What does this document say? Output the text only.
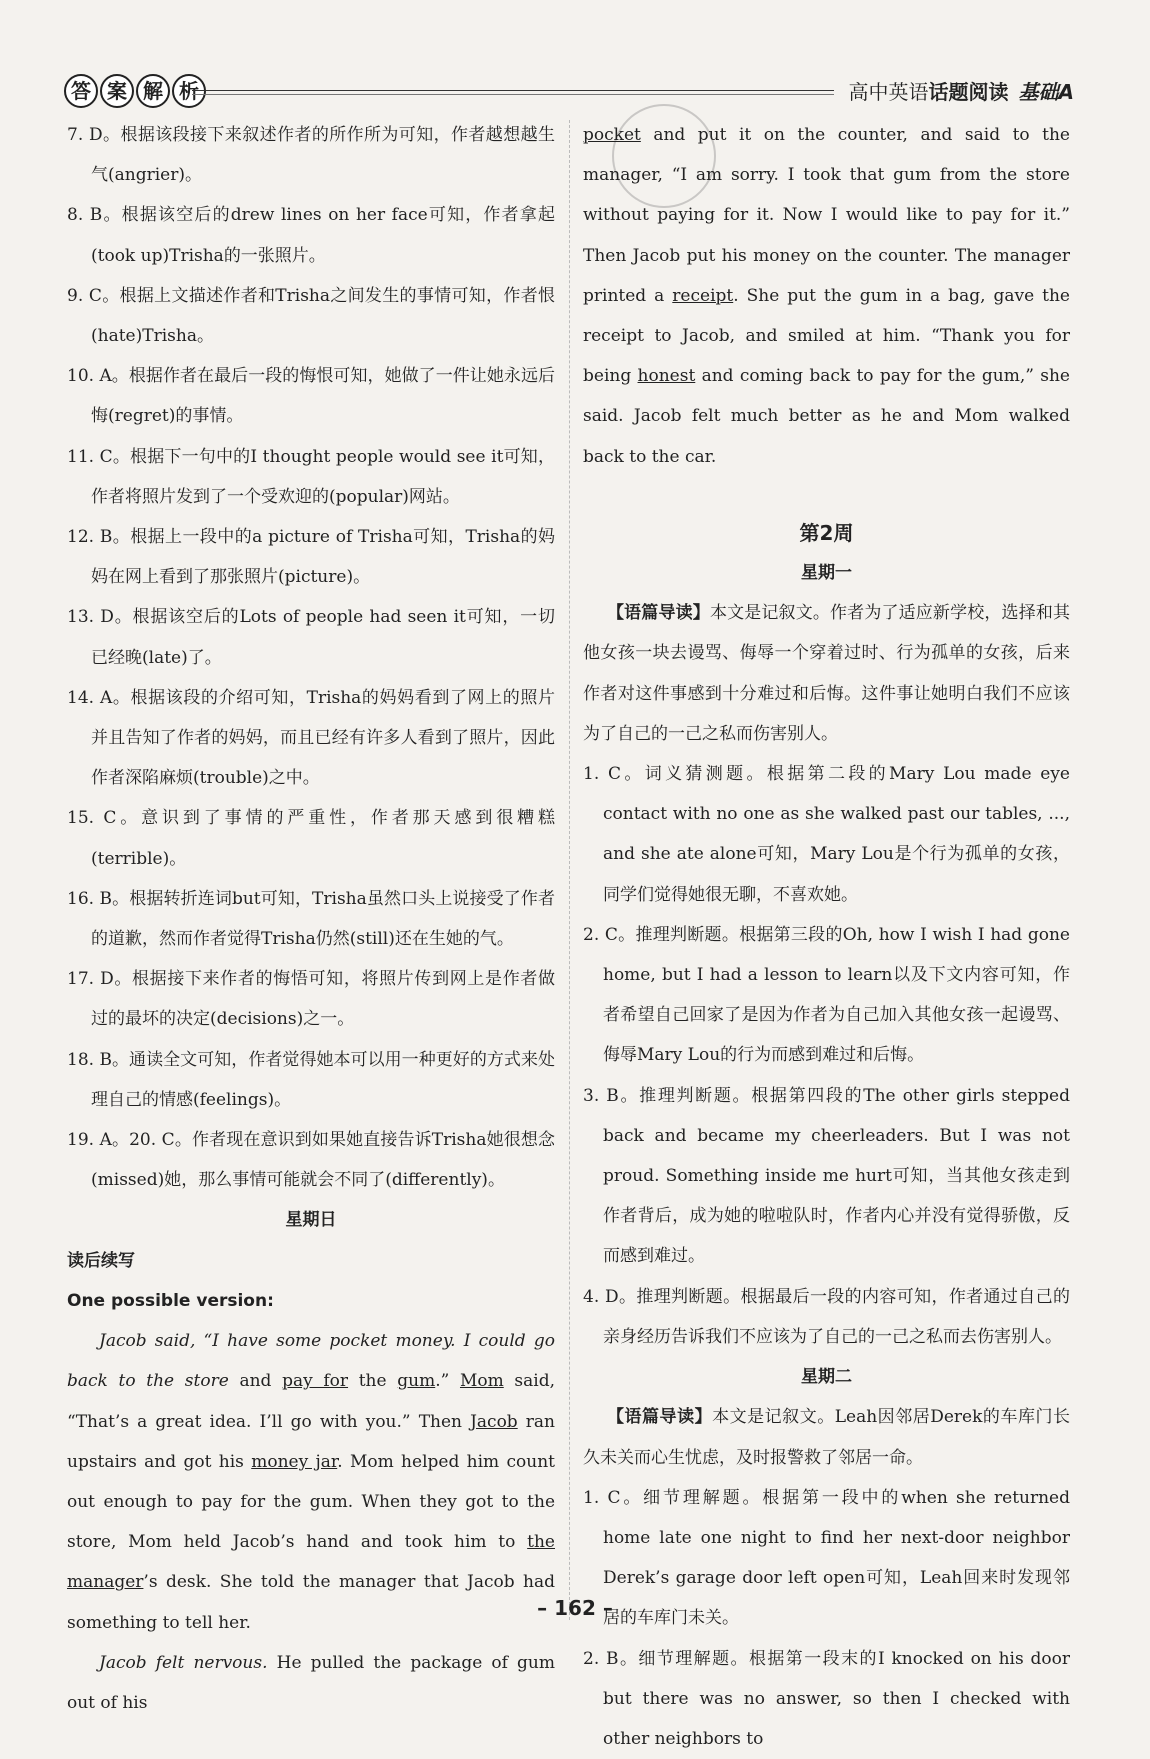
答 案 解 析	高中英语话题阅读 基础A

7. D。根据该段接下来叙述作者的所作所为可知，作者越想越生气(angrier)。

8. B。根据该空后的drew lines on her face可知，作者拿起(took up)Trisha的一张照片。

9. C。根据上文描述作者和Trisha之间发生的事情可知，作者恨(hate)Trisha。

10. A。根据作者在最后一段的悔恨可知，她做了一件让她永远后悔(regret)的事情。

11. C。根据下一句中的I thought people would see it可知，作者将照片发到了一个受欢迎的(popular)网站。

12. B。根据上一段中的a picture of Trisha可知，Trisha的妈妈在网上看到了那张照片(picture)。

13. D。根据该空后的Lots of people had seen it可知，一切已经晚(late)了。

14. A。根据该段的介绍可知，Trisha的妈妈看到了网上的照片并且告知了作者的妈妈，而且已经有许多人看到了照片，因此作者深陷麻烦(trouble)之中。

15. C。意识到了事情的严重性，作者那天感到很糟糕(terrible)。

16. B。根据转折连词but可知，Trisha虽然口头上说接受了作者的道歉，然而作者觉得Trisha仍然(still)还在生她的气。

17. D。根据接下来作者的悔悟可知，将照片传到网上是作者做过的最坏的决定(decisions)之一。

18. B。通读全文可知，作者觉得她本可以用一种更好的方式来处理自己的情感(feelings)。

19. A。20. C。作者现在意识到如果她直接告诉Trisha她很想念(missed)她，那么事情可能就会不同了(differently)。

星期日

读后续写

One possible version:

Jacob said, “I have some pocket money. I could go back to the store and pay for the gum.” Mom said, “That’s a great idea. I’ll go with you.” Then Jacob ran upstairs and got his money jar. Mom helped him count out enough to pay for the gum. When they got to the store, Mom held Jacob’s hand and took him to the manager’s desk. She told the manager that Jacob had something to tell her.

Jacob felt nervous. He pulled the package of gum out of his

pocket and put it on the counter, and said to the manager, “I am sorry. I took that gum from the store without paying for it. Now I would like to pay for it.” Then Jacob put his money on the counter. The manager printed a receipt. She put the gum in a bag, gave the receipt to Jacob, and smiled at him. “Thank you for being honest and coming back to pay for the gum,” she said. Jacob felt much better as he and Mom walked back to the car.

第2周

星期一

【语篇导读】本文是记叙文。作者为了适应新学校，选择和其他女孩一块去谩骂、侮辱一个穿着过时、行为孤单的女孩，后来作者对这件事感到十分难过和后悔。这件事让她明白我们不应该为了自己的一己之私而伤害别人。

1. C。词义猜测题。根据第二段的Mary Lou made eye contact with no one as she walked past our tables, ..., and she ate alone可知，Mary Lou是个行为孤单的女孩，同学们觉得她很无聊，不喜欢她。

2. C。推理判断题。根据第三段的Oh, how I wish I had gone home, but I had a lesson to learn以及下文内容可知，作者希望自己回家了是因为作者为自己加入其他女孩一起谩骂、侮辱Mary Lou的行为而感到难过和后悔。

3. B。推理判断题。根据第四段的The other girls stepped back and became my cheerleaders. But I was not proud. Something inside me hurt可知，当其他女孩走到作者背后，成为她的啦啦队时，作者内心并没有觉得骄傲，反而感到难过。

4. D。推理判断题。根据最后一段的内容可知，作者通过自己的亲身经历告诉我们不应该为了自己的一己之私而去伤害别人。

星期二

【语篇导读】本文是记叙文。Leah因邻居Derek的车库门长久未关而心生忧虑，及时报警救了邻居一命。

1. C。细节理解题。根据第一段中的when she returned home late one night to find her next-door neighbor Derek’s garage door left open可知，Leah回来时发现邻居的车库门未关。

2. B。细节理解题。根据第一段末的I knocked on his door but there was no answer, so then I checked with other neighbors to

– 162 –
